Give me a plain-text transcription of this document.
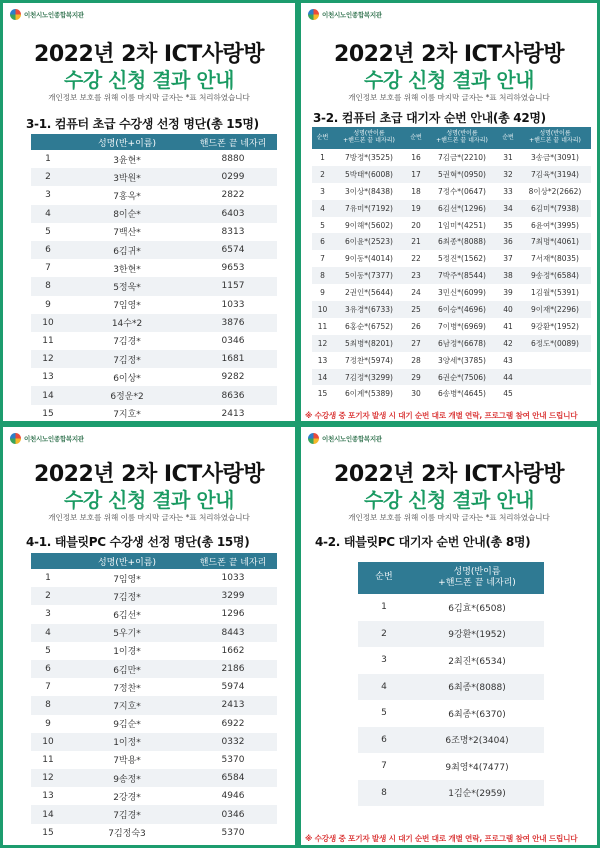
이천시노인종합복지관
2022년 2차 ICT사랑방
수강 신청 결과 안내
개인정보 보호를 위해 이름 마지막 글자는 *표 처리하였습니다
3-1. 컴퓨터 초급 수강생 선정 명단(총 15명)
	성명(반+이름)	핸드폰 끝 네자리
1	3윤현*	8880
2	3박원*	0299
3	7홍옥*	2822
4	8이순*	6403
5	7백산*	8313
6	6김귀*	6574
7	3한현*	9653
8	5정욱*	1157
9	7임영*	1033
10	14수*2	3876
11	7김경*	0346
12	7김정*	1681
13	6이상*	9282
14	6정운*2	8636
15	7지호*	2413
이천시노인종합복지관
2022년 2차 ICT사랑방
수강 신청 결과 안내
개인정보 보호를 위해 이름 마지막 글자는 *표 처리하였습니다
3-2. 컴퓨터 초급 대기자 순번 안내(총 42명)
순번	성명(반이름
+핸드폰 끝 네자리)	순번	성명(반이름
+핸드폰 끝 네자리)	순번	성명(반이름
+핸드폰 끝 네자리)
1	7방정*(3525)	16	7김금*(2210)	31	3송금*(3091)
2	5박태*(6008)	17	5권혁*(0950)	32	7김육*(3194)
3	3이상*(8438)	18	7정수*(0647)	33	8이상*2(2662)
4	7유미*(7192)	19	6김선*(1296)	34	6김미*(7938)
5	9이해*(5602)	20	1임미*(4251)	35	6윤여*(3995)
6	6이윤*(2523)	21	6최종*(8088)	36	7최명*(4061)
7	9이동*(4014)	22	5정진*(1562)	37	7서재*(8035)
8	5이동*(7377)	23	7박주*(8544)	38	9송정*(6584)
9	2권인*(5644)	24	3민신*(6099)	39	1김월*(5391)
10	3유경*(6733)	25	6이승*(4696)	40	9이재*(2296)
11	6홍순*(6752)	26	7이병*(6969)	41	9강환*(1952)
12	5최병*(8201)	27	6남정*(6678)	42	6정도*(0089)
13	7정찬*(5974)	28	3양세*(3785)	43	
14	7김정*(3299)	29	6권순*(7506)	44	
15	6이계*(5389)	30	6송병*(4645)	45	
※ 수강생 중 포기자 발생 시 대기 순번 대로 개별 연락, 프로그램 참여 안내 드립니다
이천시노인종합복지관
2022년 2차 ICT사랑방
수강 신청 결과 안내
개인정보 보호를 위해 이름 마지막 글자는 *표 처리하였습니다
4-1. 태블릿PC 수강생 선정 명단(총 15명)
	성명(반+이름)	핸드폰 끝 네자리
1	7임영*	1033
2	7김정*	3299
3	6김선*	1296
4	5우기*	8443
5	1이경*	1662
6	6김만*	2186
7	7정찬*	5974
8	7지호*	2413
9	9김순*	6922
10	1이정*	0332
11	7박용*	5370
12	9송정*	6584
13	2강경*	4946
14	7김경*	0346
15	7김정숙3	5370
이천시노인종합복지관
2022년 2차 ICT사랑방
수강 신청 결과 안내
개인정보 보호를 위해 이름 마지막 글자는 *표 처리하였습니다
4-2. 태블릿PC 대기자 순번 안내(총 8명)
순번	성명(반이름
+핸드폰 끝 네자리)
1	6김효*(6508)
2	9강환*(1952)
3	2최진*(6534)
4	6최종*(8088)
5	6최종*(6370)
6	6조명*2(3404)
7	9최영*4(7477)
8	1김순*(2959)
※ 수강생 중 포기자 발생 시 대기 순번 대로 개별 연락, 프로그램 참여 안내 드립니다
